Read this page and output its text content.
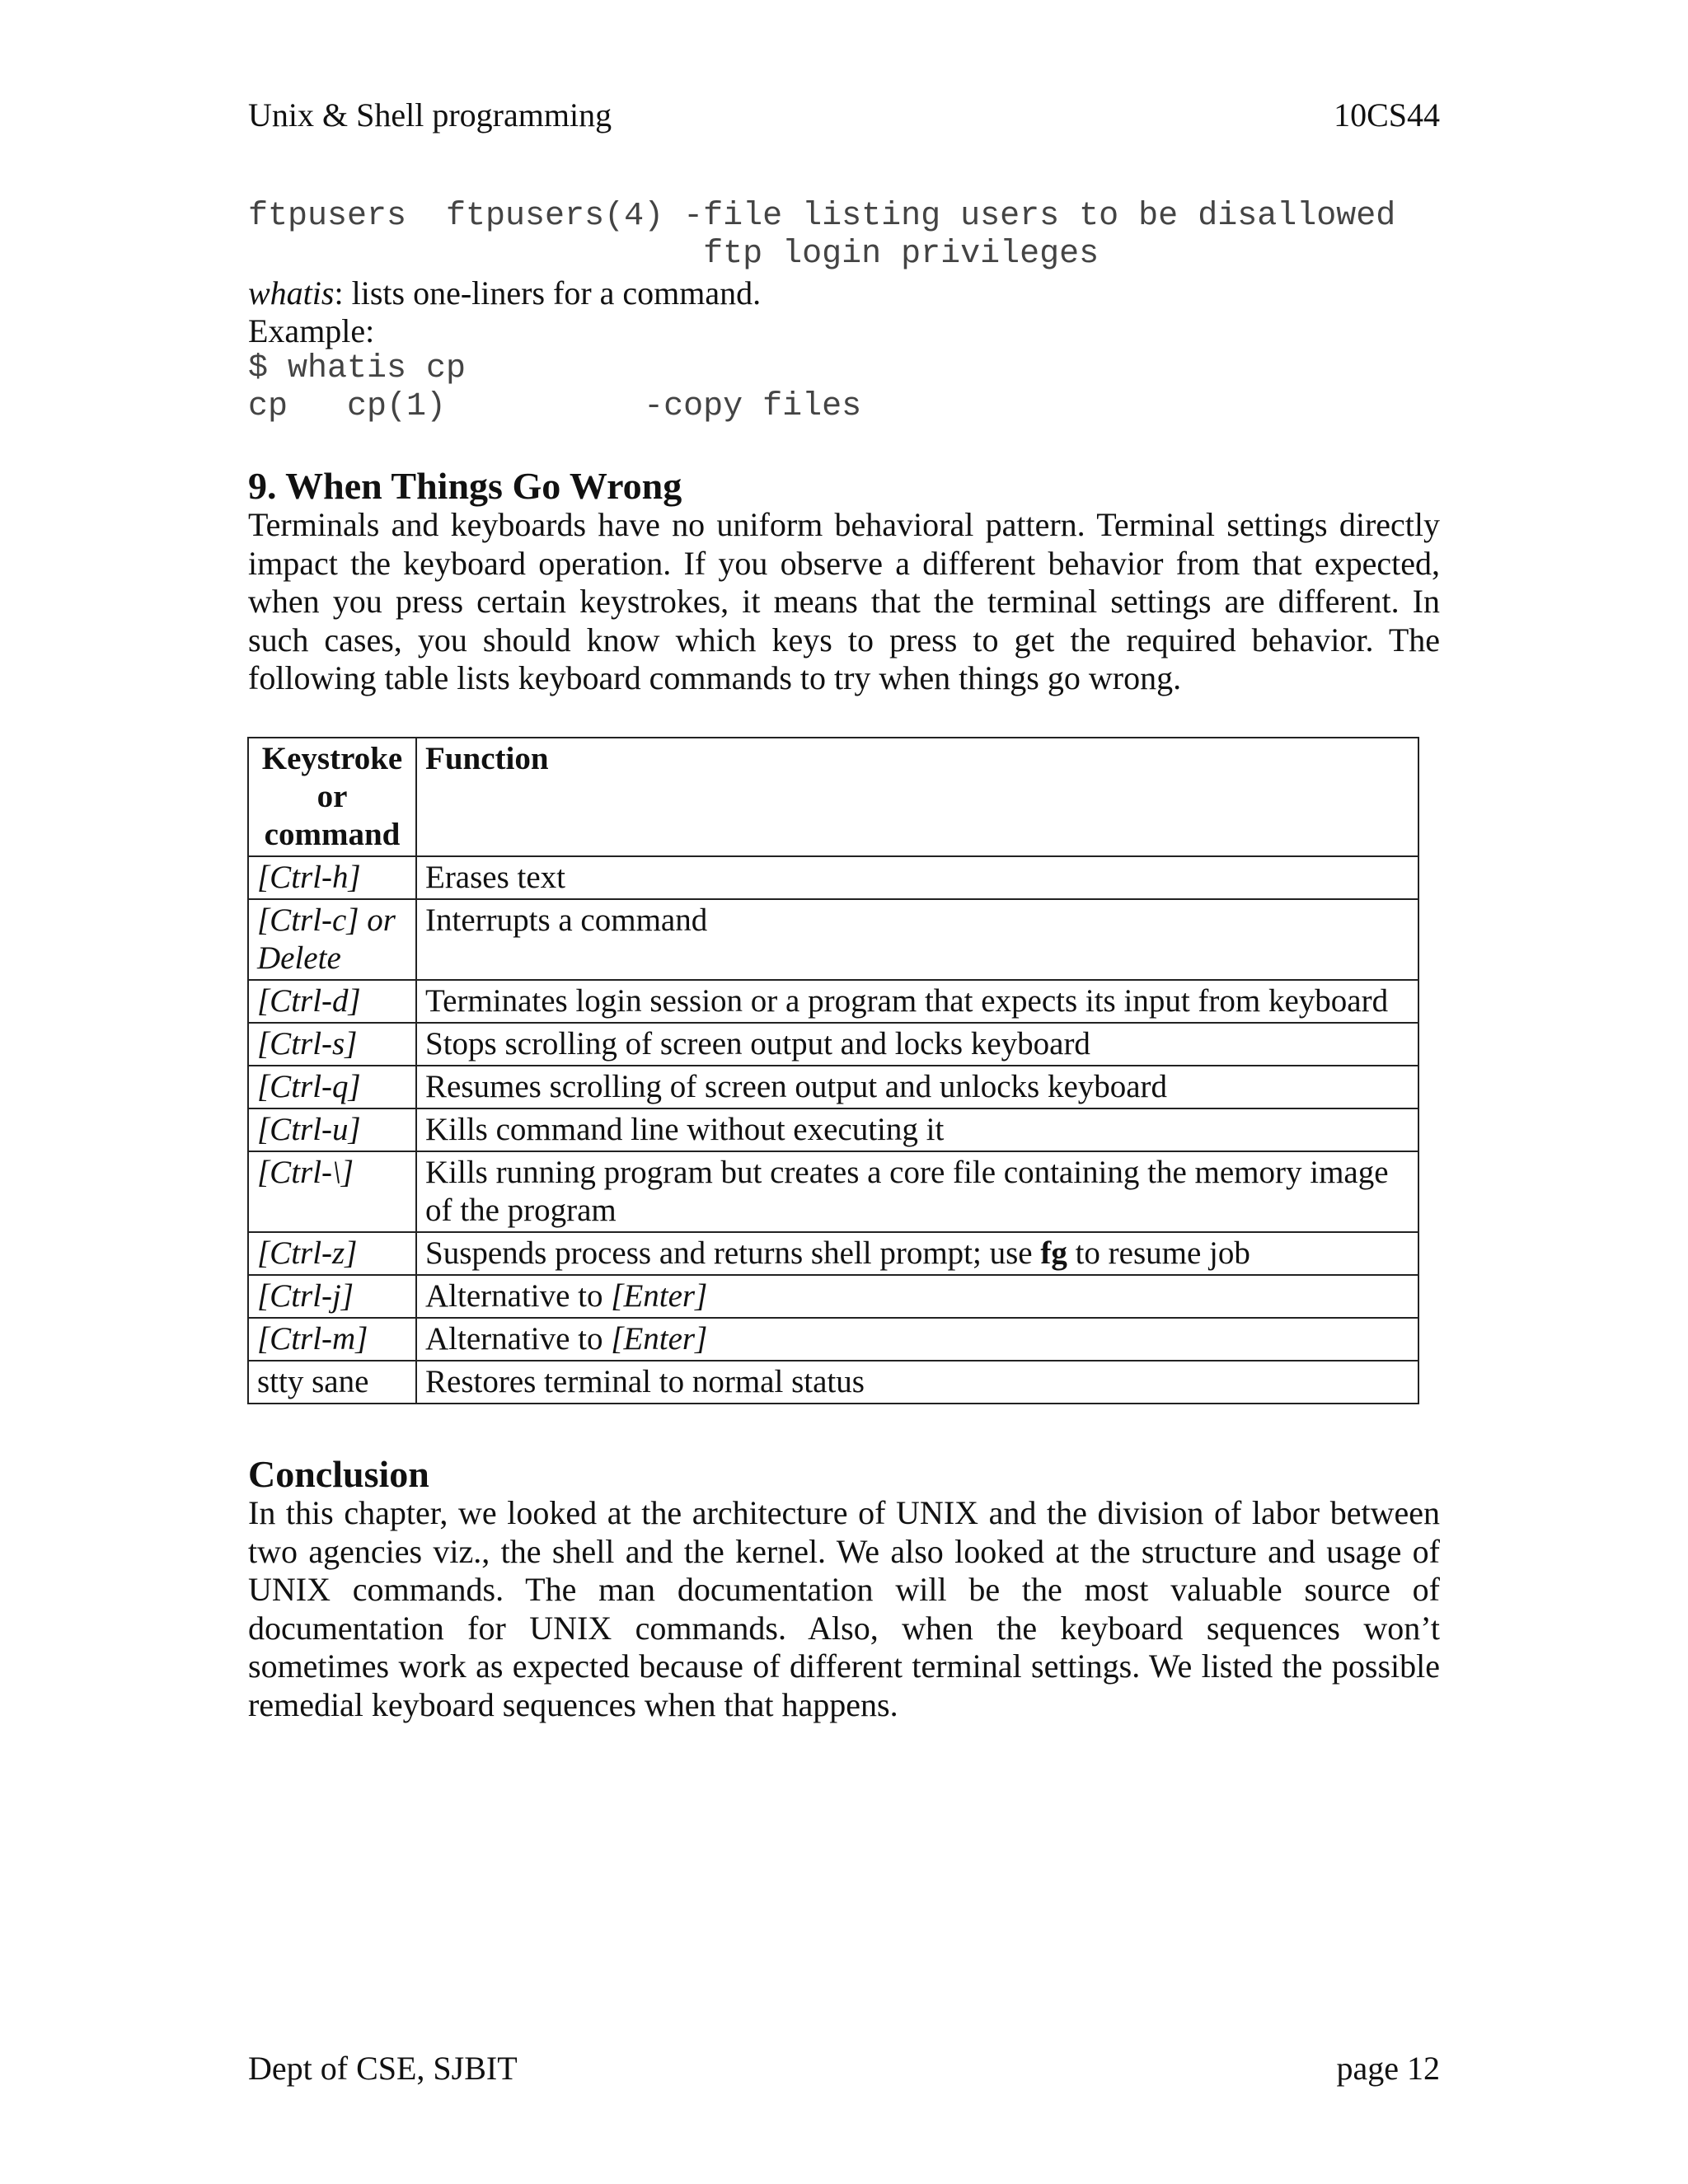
Unix & Shell programming	10CS44
ftpusers  ftpusers(4) -file listing users to be disallowed
ftp login privileges
whatis: lists one-liners for a command.
Example:
$ whatis cp
cp   cp(1)          -copy files
9. When Things Go Wrong

Terminals and keyboards have no uniform behavioral pattern. Terminal settings directly impact the keyboard operation. If you observe a different behavior from that expected, when you press certain keystrokes, it means that the terminal settings are different. In such cases, you should know which keys to press to get the required behavior. The following table lists keyboard commands to try when things go wrong.

Keystroke or command	Function
[Ctrl-h]	Erases text
[Ctrl-c] or Delete	Interrupts a command
[Ctrl-d]	Terminates login session or a program that expects its input from keyboard
[Ctrl-s]	Stops scrolling of screen output and locks keyboard
[Ctrl-q]	Resumes scrolling of screen output and unlocks keyboard
[Ctrl-u]	Kills command line without executing it
[Ctrl-\]	Kills running program but creates a core file containing the memory image of the program
[Ctrl-z]	Suspends process and returns shell prompt; use fg to resume job
[Ctrl-j]	Alternative to [Enter]
[Ctrl-m]	Alternative to [Enter]
stty sane	Restores terminal to normal status
Conclusion

In this chapter, we looked at the architecture of UNIX and the division of labor between two agencies viz., the shell and the kernel. We also looked at the structure and usage of UNIX commands. The man documentation will be the most valuable source of documentation for UNIX commands. Also, when the keyboard sequences won’t sometimes work as expected because of different terminal settings. We listed the possible remedial keyboard sequences when that happens.

Dept of CSE, SJBIT	page 12
